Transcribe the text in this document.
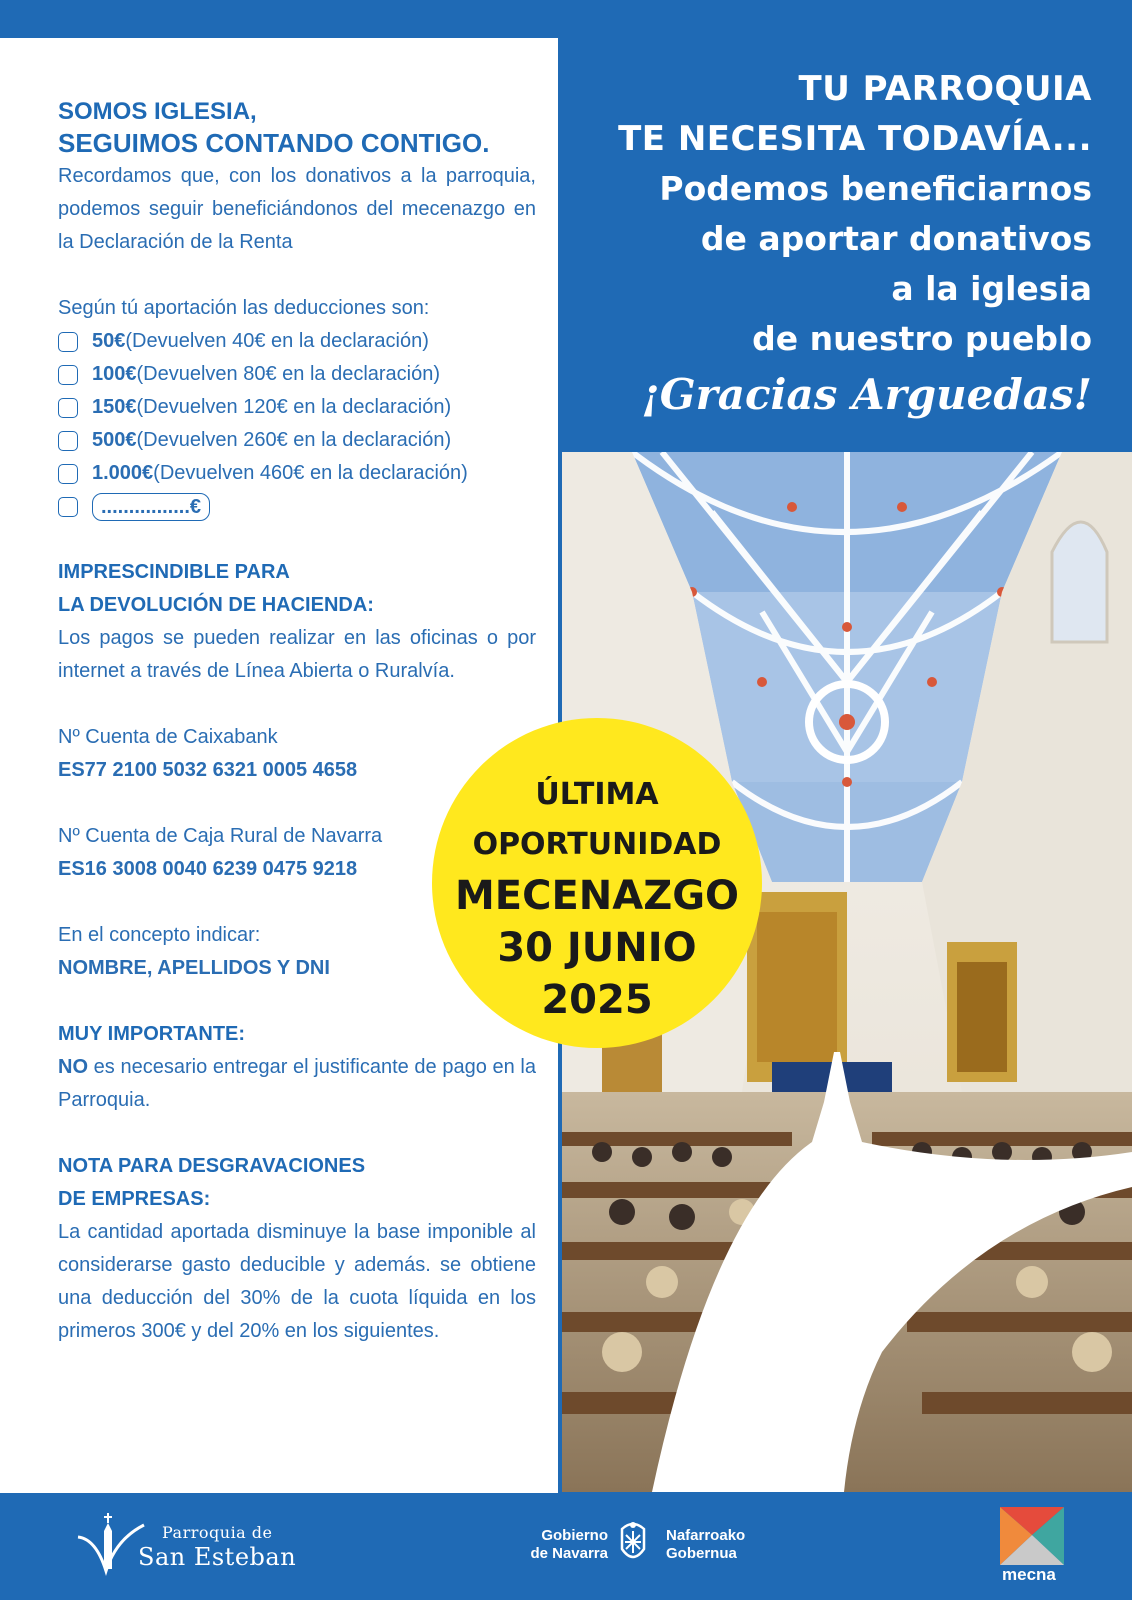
SOMOS IGLESIA,

SEGUIMOS CONTANDO CONTIGO.

Recordamos que, con los donativos a la parroquia, podemos seguir beneficiándonos del mecenazgo en la Declaración de la Renta

Según tú aportación las deducciones son:

50€ (Devuelven 40€ en la declaración)
100€ (Devuelven 80€ en la declaración)
150€ (Devuelven 120€ en la declaración)
500€ (Devuelven 260€ en la declaración)
1.000€ (Devuelven 460€ en la declaración)
................€

IMPRESCINDIBLE PARA

LA DEVOLUCIÓN DE HACIENDA:

Los pagos se pueden realizar en las oficinas o por internet a través de Línea Abierta o Ruralvía.

Nº Cuenta de Caixabank

ES77 2100 5032 6321 0005 4658

Nº Cuenta de Caja Rural de Navarra

ES16 3008 0040 6239 0475 9218

En el concepto indicar:

NOMBRE, APELLIDOS Y DNI

MUY IMPORTANTE:

NO es necesario entregar el justificante de pago en la Parroquia.

NOTA PARA DESGRAVACIONES

DE EMPRESAS:

La cantidad aportada disminuye la base imponible al considerarse gasto deducible y además. se obtiene una deducción del 30% de la cuota líquida en los primeros 300€ y del 20% en los siguientes.

TU PARROQUIA
TE NECESITA TODAVÍA...
Podemos beneficiarnos
de aportar donativos
a la iglesia
de nuestro pueblo
¡Gracias Arguedas!
ÚLTIMA
OPORTUNIDAD
MECENAZGO
30 JUNIO
2025
Parroquia de
San Esteban
Gobierno
de Navarra
Nafarroako
Gobernua
mecna
